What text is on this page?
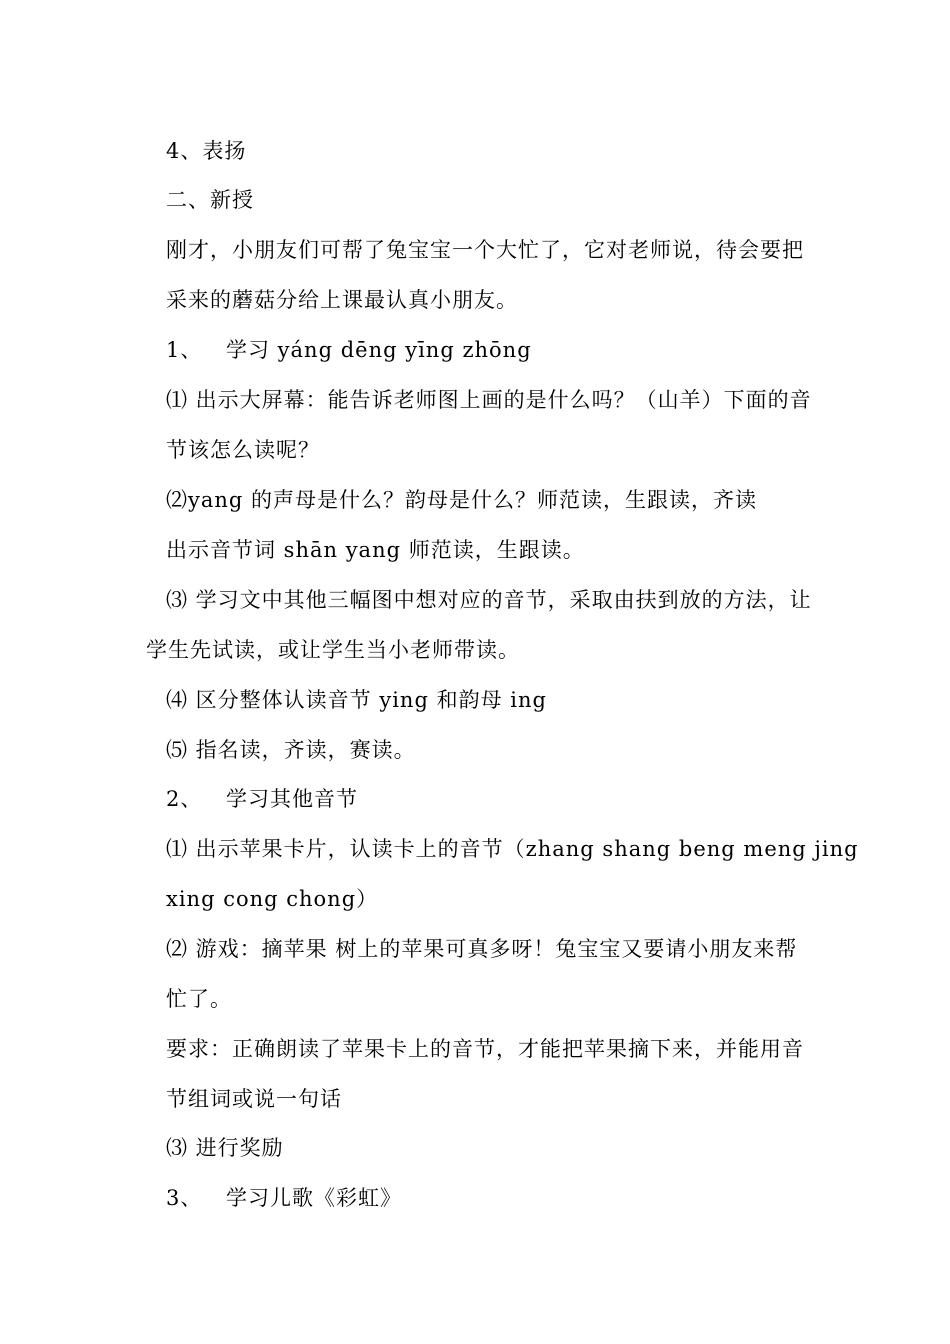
4、表扬
二、新授
刚才，小朋友们可帮了兔宝宝一个大忙了，它对老师说，待会要把
采来的蘑菇分给上课最认真小朋友。
1、 学习 yáng dēng yīng zhōng
⑴ 出示大屏幕：能告诉老师图上画的是什么吗？（山羊）下面的音
节该怎么读呢？
⑵yang 的声母是什么？韵母是什么？师范读，生跟读，齐读
出示音节词 shān yang 师范读，生跟读。
⑶ 学习文中其他三幅图中想对应的音节，采取由扶到放的方法，让
学生先试读，或让学生当小老师带读。
⑷ 区分整体认读音节 ying 和韵母 ing
⑸ 指名读，齐读，赛读。
2、 学习其他音节
⑴ 出示苹果卡片，认读卡上的音节（zhang shang beng meng jing
xing cong chong）
⑵ 游戏：摘苹果 树上的苹果可真多呀！兔宝宝又要请小朋友来帮
忙了。
要求：正确朗读了苹果卡上的音节，才能把苹果摘下来，并能用音
节组词或说一句话
⑶ 进行奖励
3、 学习儿歌《彩虹》
